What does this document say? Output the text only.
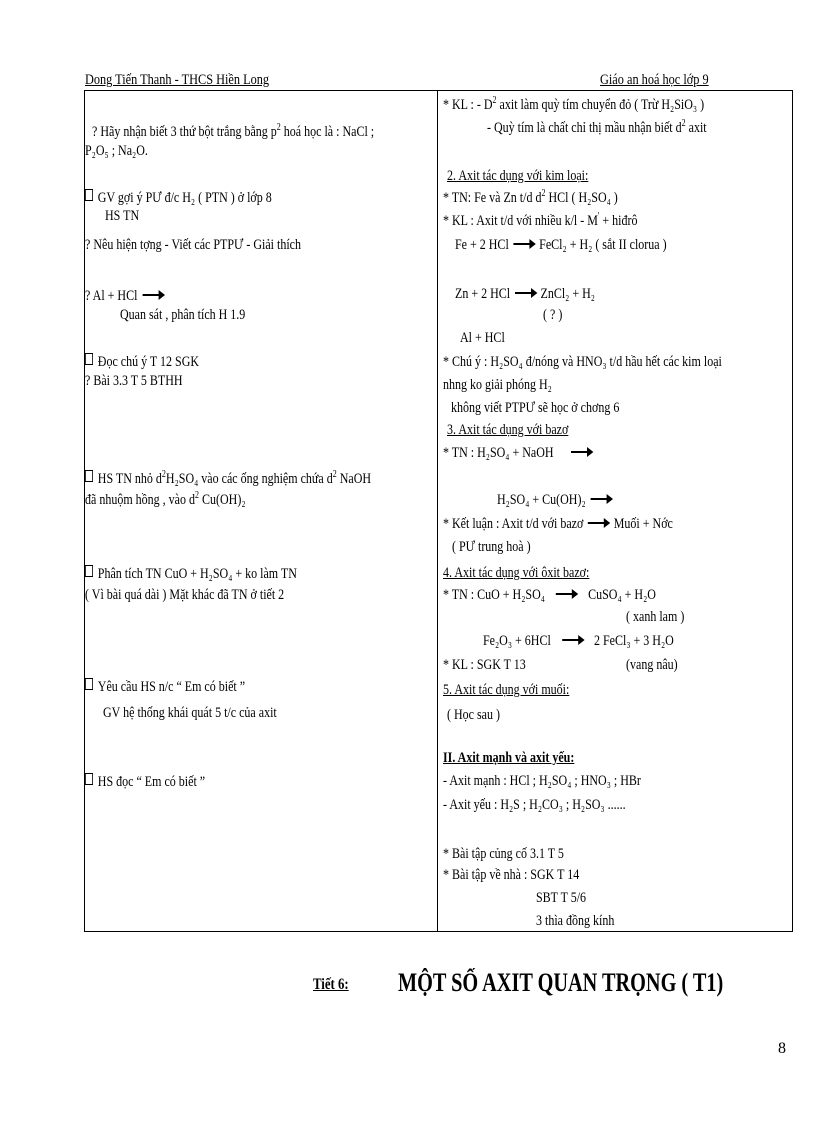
Dong Tiến Thanh - THCS Hiền Long	Giáo an hoá học lớp 9
? Hãy nhận biết 3 thứ bột trắng bằng $p^2$ hoá học là : NaCl ;
P₂O₅ ; Na₂O.
GV gợi ý PƯ đ/c H₂ ( PTN ) ở lớp 8
HS TN
? Nêu hiện tợng - Viết các PTPƯ - Giải thích
? Al + HCl
Quan sát , phân tích H 1.9
Đọc chú ý T 12 SGK
? Bài 3.3 T 5 BTHH
HS TN nhỏ $d^2H_2SO_4$ vào các ống nghiệm chứa $d^2$ NaOH
đã nhuộm hồng , vào $d^2$ Cu(OH)₂
Phân tích TN CuO + H₂SO₄ + ko làm TN
( Vì bài quá dài ) Mặt khác đã TN ở tiết 2
Yêu cầu HS n/c “ Em có biết ”
GV hệ thống khái quát 5 t/c của axit
HS đọc “ Em có biết ”
* KL : - $D^2$ axit làm quỳ tím chuyển đỏ ( Trừ H₂SiO₃ )
- Quỳ tím là chất chỉ thị mầu nhận biết $d^2$ axit
2. Axit tác dụng với kim loại:
* TN: Fe và Zn t/d $d^2$ HCl ( H₂SO₄ )
* KL : Axit t/d với nhiều k/l - M' + hiđrô
Fe + 2 HCl FeCl₂ + H₂ ( sắt II clorua )
Zn + 2 HCl ZnCl₂ + H₂
( ? )
Al + HCl
* Chú ý : H₂SO₄ đ/nóng và HNO₃ t/d hầu hết các kim loại
nhng ko giải phóng H₂
không viết PTPƯ sẽ học ở chơng 6
3. Axit tác dụng với bazơ
* TN : H₂SO₄ + NaOH
H₂SO₄ + Cu(OH)₂
* Kết luận : Axit t/d với bazơ Muối + Nớc
( PƯ trung hoà )
4. Axit tác dụng với ôxit bazơ:
* TN : CuO + H₂SO₄	CuSO₄ + H₂O
( xanh lam )
Fe₂O₃ + 6HCl	2 FeCl₃ + 3 H₂O
* KL : SGK T 13	(vang nâu)
5. Axit tác dụng với muối:
( Học sau )
II. Axit mạnh và axit yếu:
- Axit mạnh : HCl ; H₂SO₄ ; HNO₃ ; HBr
- Axit yếu : H₂S ; H₂CO₃ ; H₂SO₃ ......
* Bài tập củng cố 3.1 T 5
* Bài tập về nhà : SGK T 14
SBT T 5/6
3 thìa đồng kính
Tiết 6: MỘT SỐ AXIT QUAN TRỌNG ( T1)
8
